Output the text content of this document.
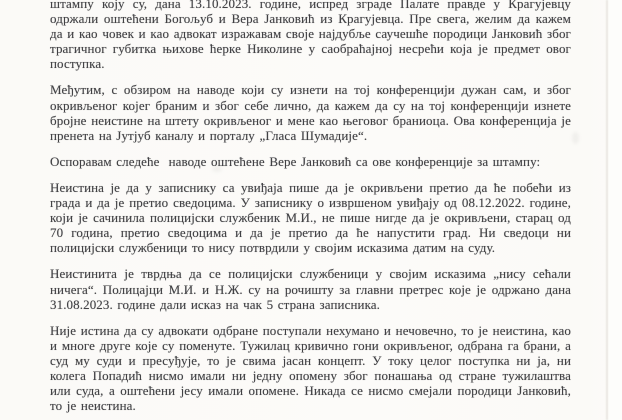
штампу коју су, дана 13.10.2023. године, испред зграде Палате правде у Крагујевцу одржали оштећени Богољуб и Вера Јанковић из Крагујевца. Пре свега, желим да кажем да и као човек и као адвокат изражавам своје најдубље саучешће породици Јанковић због трагичног губитка њихове ћерке Николине у саобраћајној несрећи која је предмет овог поступка.

Међутим, с обзиром на наводе који су изнети на тој конференцији дужан сам, и због окривљеног којег браним и због себе лично, да кажем да су на тој конференцији изнете бројне неистине на штету окривљеног и мене као његовог браниоца. Ова конференција је пренета на Јутјуб каналу и порталу „Гласа Шумадије“.

Оспоравам следеће  наводе оштећене Вере Јанковић са ове конференције за штампу:

Неистина је да у записнику са увиђаја пише да је окривљени претио да ће побећи из града и да је претио сведоцима. У записнику о извршеном увиђају од 08.12.2022. године, који је сачинила полицијски службеник М.И., не пише нигде да је окривљени, старац од 70 година, претио сведоцима и да је претио да ће напустити град. Ни сведоци ни полицијски службеници то нису потврдили у својим исказима датим на суду.

Неистинита је тврдња да се полицијски службеници у својим исказима „нису сећали ничега“. Полицајци М.И. и Н.Ж. су на рочишту за главни претрес које је одржано дана 31.08.2023. године дали исказ на чак 5 страна записника.

Није истина да су адвокати одбране поступали нехумано и нечовечно, то је неистина, као и многе друге које су поменуте. Тужилац кривично гони окривљеног, одбрана га брани, а суд му суди и пресуђује, то је свима јасан концепт. У току целог поступка ни ја, ни колега Попадић нисмо имали ни једну опомену због понашања од стране тужилаштва или суда, а оштећени јесу имали опомене. Никада се нисмо смејали породици Јанковић, то је неистина.
